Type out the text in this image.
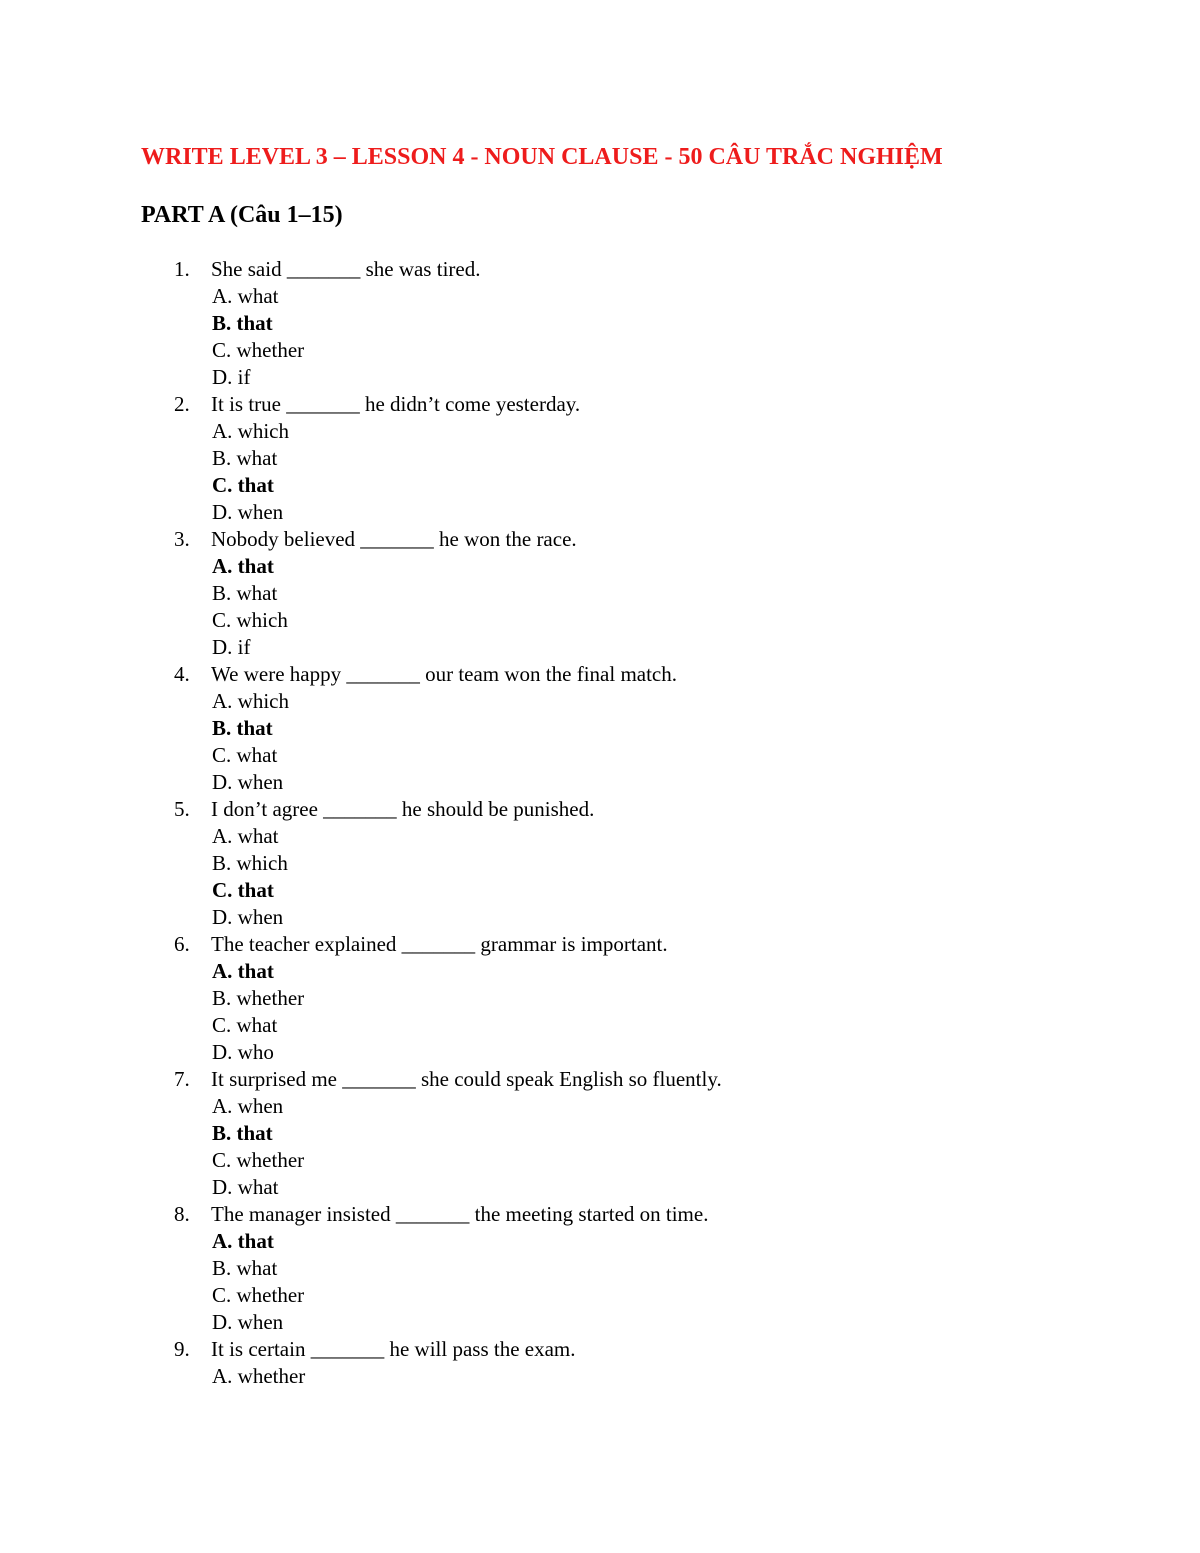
WRITE LEVEL 3 – LESSON 4 - NOUN CLAUSE - 50 CÂU TRẮC NGHIỆM
PART A (Câu 1–15)
1.	She said _______ she was tired.
A. what
B. that
C. whether
D. if
2.	It is true _______ he didn’t come yesterday.
A. which
B. what
C. that
D. when
3.	Nobody believed _______ he won the race.
A. that
B. what
C. which
D. if
4.	We were happy _______ our team won the final match.
A. which
B. that
C. what
D. when
5.	I don’t agree _______ he should be punished.
A. what
B. which
C. that
D. when
6.	The teacher explained _______ grammar is important.
A. that
B. whether
C. what
D. who
7.	It surprised me _______ she could speak English so fluently.
A. when
B. that
C. whether
D. what
8.	The manager insisted _______ the meeting started on time.
A. that
B. what
C. whether
D. when
9.	It is certain _______ he will pass the exam.
A. whether
